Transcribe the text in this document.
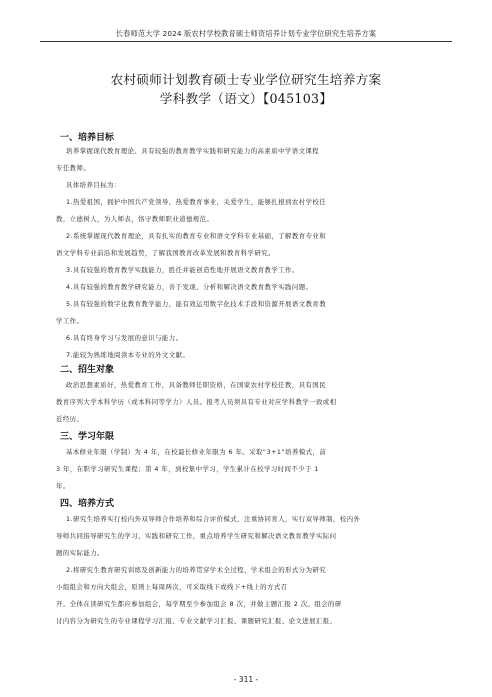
长春师范大学 2024 版农村学校教育硕士师资培养计划专业学位研究生培养方案
农村硕师计划教育硕士专业学位研究生培养方案
学科教学（语文）【045103】
一、培养目标
培养掌握现代教育理论、具有较强的教育教学实践和研究能力的高素质中学语文课程
专任教师。
具体培养目标为：
1.热爱祖国，拥护中国共产党领导，热爱教育事业，关爱学生，能够扎根到农村学校任
教，立德树人，为人师表，恪守教师职业道德规范。
2.系统掌握现代教育理论，具有扎实的教育专业和语文学科专业基础，了解教育专业和
语文学科专业前沿和发展趋势，了解我国教育改革发展和教育科学研究。
3.具有较强的教育教学实践能力，胜任并能创造性地开展语文教育教学工作。
4.具有较强的教育教学研究能力，善于发现、分析和解决语文教育教学实践问题。
5.具有较强的数字化教育教学能力，能有效运用数字化技术手段和资源开展语文教育教
学工作。
6.具有终身学习与发展的意识与能力。
7.能较为熟练地阅读本专业的外文文献。
二、招生对象
政治思想素质好，热爱教育工作，具备教师任职资格，在国家农村学校任教，具有国民
教育序列大学本科学历（或本科同等学力）人员。报考人员须具有专业对应学科教学一致或相
近经历。
三、学习年限
基本修业年限（学制）为 4 年，在校最长修业年限为 6 年。采取“3+1”培养模式，前
3 年，在职学习研究生课程；第 4 年，到校集中学习，学生累计在校学习时间不少于 1
年。
四、培养方式
1.研究生培养实行校内外双导师合作培养和综合评价模式，注重协同育人，实行双导师制，校内外
导师共同指导研究生的学习、实践和研究工作，重点培养学生研究和解决语文教育教学实际问
题的实际能力。
2.将研究生教育研究训练及创新能力的培养贯穿学术全过程，学术组会的形式分为研究
小组组会和方向大组会，原则上每周两次，可采取线下或线下+线上的方式召
开。全体在读研究生都应参加组会，每学期至少参加组会 8 次，并做主题汇报 2 次。组会的研
讨内容分为研究生的专业课程学习汇报、专业文献学习汇报、课题研究汇报、论文进展汇报、
- 311 -
